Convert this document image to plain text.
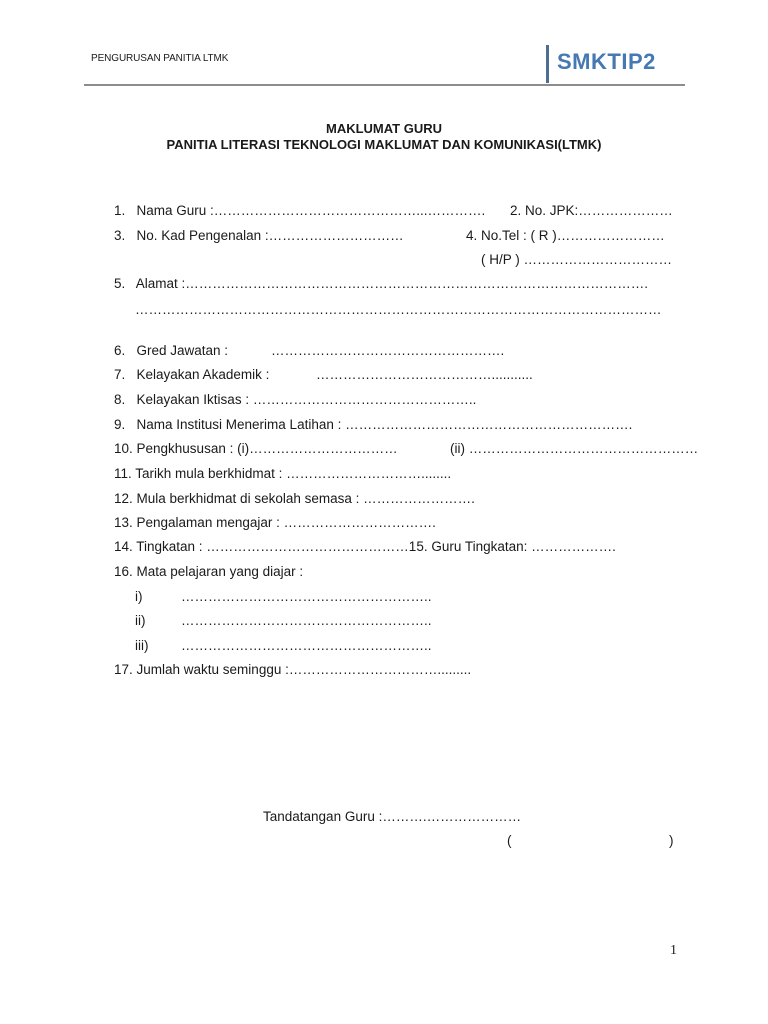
PENGURUSAN PANITIA LTMK	SMKTIP2
MAKLUMAT GURU
PANITIA LITERASI TEKNOLOGI MAKLUMAT DAN KOMUNIKASI(LTMK)
1.   Nama Guru :………………………………………...…………. 2. No. JPK:…………………
3.   No. Kad Pengenalan :…………………………	4. No.Tel : ( R )……………………
( H/P ) ……………………………
5.   Alamat :………………………………………………………………………………………….
………………………………………………………………………………………………………
6.   Gred Jawatan :	…………………………………………….
7.   Kelayakan Akademik :	…………………………………...........
8.   Kelayakan Iktisas : …………………………………………..
9.   Nama Institusi Menerima Latihan : ……………………………………………………….
10. Pengkhususan : (i)……………………………	(ii) ……………………………………………
11. Tarikh mula berkhidmat : …………………………........
12. Mula berkhidmat di sekolah semasa : …………………….
13. Pengalaman mengajar : …………………………….
14. Tingkatan : ………………………………………15. Guru Tingkatan: ……………….
16. Mata pelajaran yang diajar :
i)	………………………………………………..
ii)	………………………………………………..
iii) ………………………………………………..
17. Jumlah waktu seminggu :…………………………….........
Tandatangan Guru :……….…………………
(	)
1
